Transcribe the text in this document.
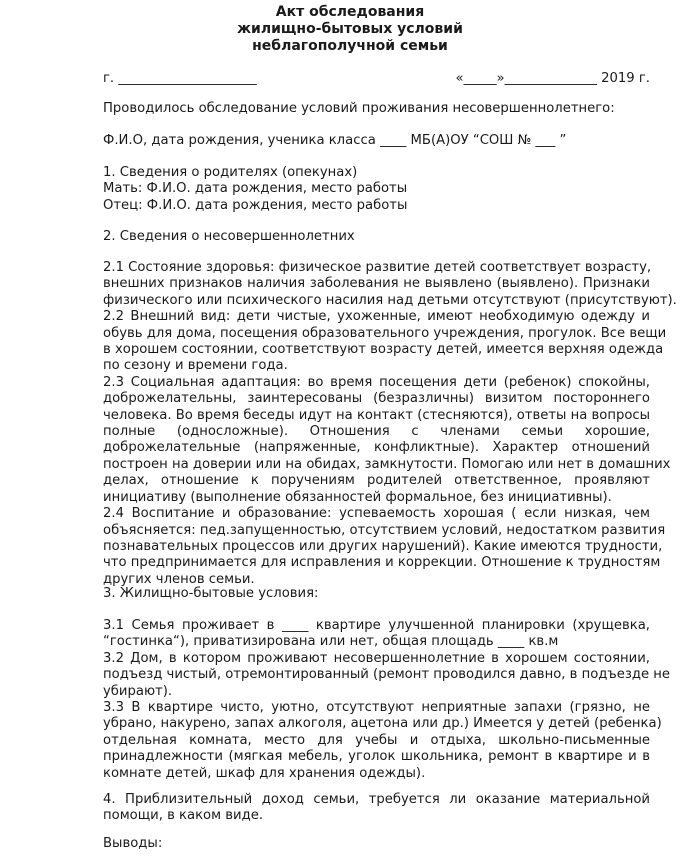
Акт обследования
жилищно-бытовых условий
неблагополучной семьи
г. _____________________	«_____»______________ 2019 г.
Проводилось обследование условий проживания несовершеннолетнего:
Ф.И.О, дата рождения, ученика класса ____ МБ(А)ОУ “СОШ № ___ ”
1. Сведения о родителях (опекунах)
Мать: Ф.И.О. дата рождения, место работы
Отец: Ф.И.О. дата рождения, место работы
2. Сведения о несовершеннолетних
2.1 Состояние здоровья: физическое развитие детей соответствует возрасту,
внешних признаков наличия заболевания не выявлено (выявлено). Признаки
физического или психического насилия над детьми отсутствуют (присутствуют).
2.2 Внешний вид: дети чистые, ухоженные, имеют необходимую одежду и
обувь для дома, посещения образовательного учреждения, прогулок. Все вещи
в хорошем состоянии, соответствуют возрасту детей, имеется верхняя одежда
по сезону и времени года.
2.3 Социальная адаптация: во время посещения дети (ребенок) спокойны,
доброжелательны, заинтересованы (безразличны) визитом постороннего
человека. Во время беседы идут на контакт (стесняются), ответы на вопросы
полные (односложные). Отношения с членами семьи хорошие,
доброжелательные (напряженные, конфликтные). Характер отношений
построен на доверии или на обидах, замкнутости. Помогаю или нет в домашних
делах, отношение к поручениям родителей ответственное, проявляют
инициативу (выполнение обязанностей формальное, без инициативны).
2.4 Воспитание и образование: успеваемость хорошая ( если низкая, чем
объясняется: пед.запущенностью, отсутствием условий, недостатком развития
познавательных процессов или других нарушений). Какие имеются трудности,
что предпринимается для исправления и коррекции. Отношение к трудностям
других членов семьи.
3. Жилищно-бытовые условия:
3.1 Семья проживает в ____ квартире улучшенной планировки (хрущевка,
“гостинка“), приватизирована или нет, общая площадь ____ кв.м
3.2 Дом, в котором проживают несовершеннолетние в хорошем состоянии,
подъезд чистый, отремонтированный (ремонт проводился давно, в подъезде не
убирают).
3.3 В квартире чисто, уютно, отсутствуют неприятные запахи (грязно, не
убрано, накурено, запах алкоголя, ацетона или др.) Имеется у детей (ребенка)
отдельная комната, место для учебы и отдыха, школьно-письменные
принадлежности (мягкая мебель, уголок школьника, ремонт в квартире и в
комнате детей, шкаф для хранения одежды).
4. Приблизительный доход семьи, требуется ли оказание материальной
помощи, в каком виде.
Выводы:
